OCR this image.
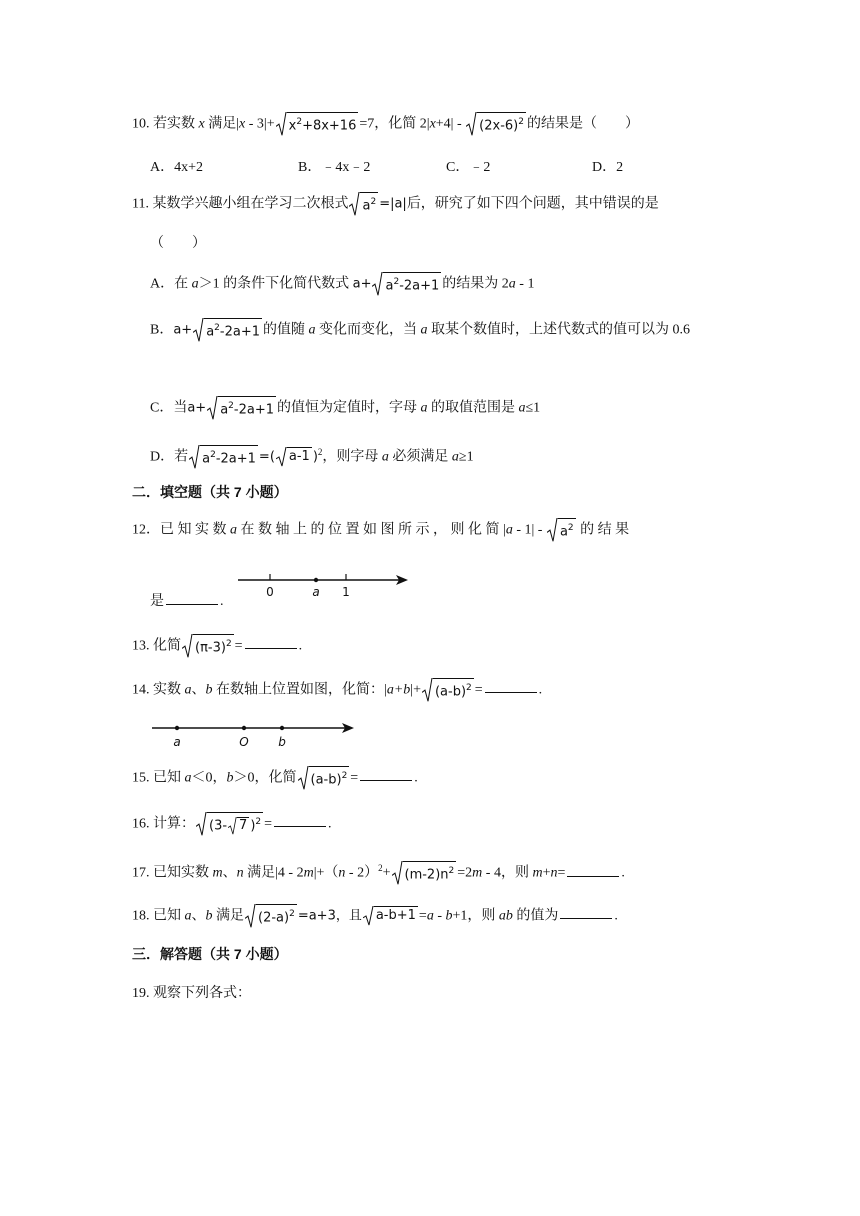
10. 若实数 x 满足$|x - 3|+ x^2+8x+16 =7$，化简 2|x+4| -
$(2x-6)^2$ 的结果是（　　）
A．4x+2	B．﹣4x﹣2	C．﹣2	D．2
11. 某数学兴趣小组在学习二次根式 $a^2 =|a|$后，研究了如下四个问题，其中错误的是
（　　）
A．在 a＞1 的条件下化简代数式 $a+ a^2-2a+1$ 的结果为 2a - 1
B．$a+ a^2-2a+1$ 的值随 a 变化而变化，当 a 取某个数值时，上述代数式的值可以为 0.6
C．当$a+ a^2-2a+1$ 的值恒为定值时，字母 a 的取值范围是 a≤1
D．若 $a^2-2a+1$ =( a-1 )$^2$，则字母 a 必须满足 a≥1
二．填空题（共 7 小题）
12．已 知 实 数 a 在 数 轴 上 的 位 置 如 图 所 示 ， 则 化 简 |a - 1| -
$a^2$ 的 结 果
0	a 1
是	.
13. 化简 $(\pi-3)^2$ =	.
14. 实数 a、b 在数轴上位置如图，化简：$|a+b|+ (a-b)^2$ =	.
a	O b
15. 已知 a＜0，b＞0，化简 $(a-b)^2$ =	.
16. 计算： (3- 7 )$^2$ =	.
17. 已知实数 m、n 满足$|4 - 2m|+(n - 2)^2+ (m-2)n^2 =2m - 4$，则 m+n=	.
18. 已知 a、b 满足 $(2-a)^2 =a+3$，且 a-b+1 =a - b+1，则 ab 的值为	.
三．解答题（共 7 小题）
19. 观察下列各式：
